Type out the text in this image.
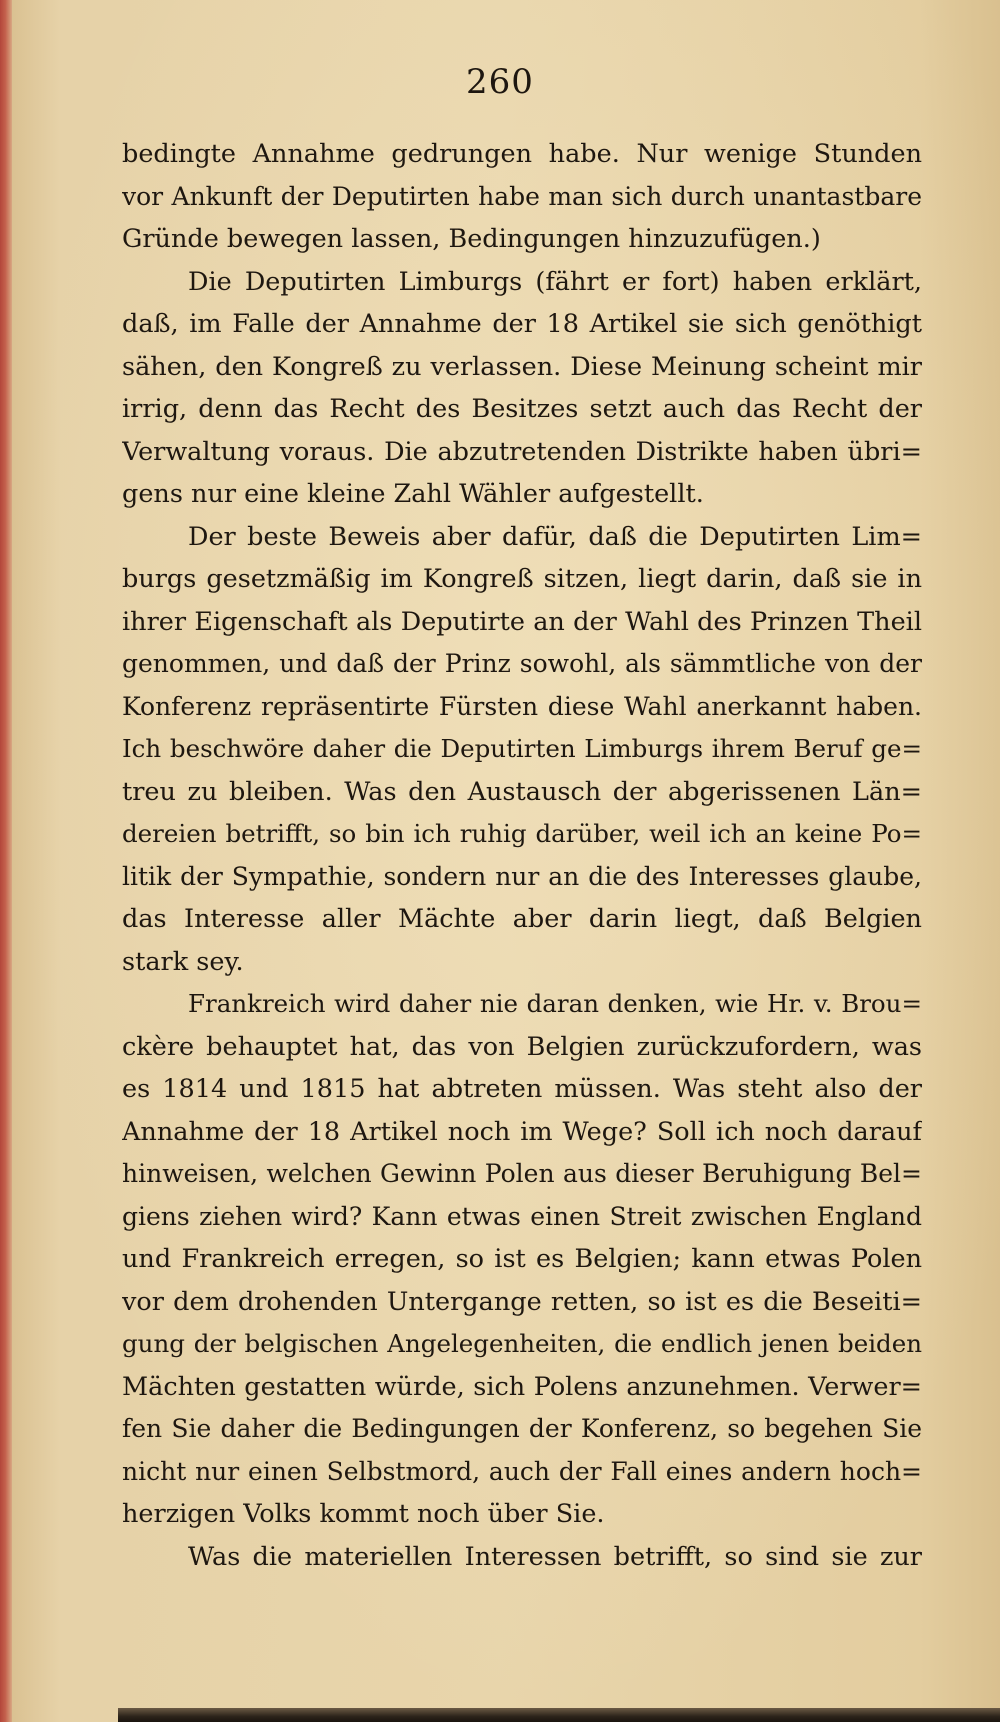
260
bedingte Annahme gedrungen habe. Nur wenige Stunden
vor Ankunft der Deputirten habe man sich durch unantastbare
Gründe bewegen lassen, Bedingungen hinzuzufügen.)
Die Deputirten Limburgs (fährt er fort) haben erklärt,
daß, im Falle der Annahme der 18 Artikel sie sich genöthigt
sähen, den Kongreß zu verlassen. Diese Meinung scheint mir
irrig, denn das Recht des Besitzes setzt auch das Recht der
Verwaltung voraus. Die abzutretenden Distrikte haben übri=
gens nur eine kleine Zahl Wähler aufgestellt.
Der beste Beweis aber dafür, daß die Deputirten Lim=
burgs gesetzmäßig im Kongreß sitzen, liegt darin, daß sie in
ihrer Eigenschaft als Deputirte an der Wahl des Prinzen Theil
genommen, und daß der Prinz sowohl, als sämmtliche von der
Konferenz repräsentirte Fürsten diese Wahl anerkannt haben.
Ich beschwöre daher die Deputirten Limburgs ihrem Beruf ge=
treu zu bleiben. Was den Austausch der abgerissenen Län=
dereien betrifft, so bin ich ruhig darüber, weil ich an keine Po=
litik der Sympathie, sondern nur an die des Interesses glaube,
das Interesse aller Mächte aber darin liegt, daß Belgien
stark sey.
Frankreich wird daher nie daran denken, wie Hr. v. Brou=
ckère behauptet hat, das von Belgien zurückzufordern, was
es 1814 und 1815 hat abtreten müssen. Was steht also der
Annahme der 18 Artikel noch im Wege? Soll ich noch darauf
hinweisen, welchen Gewinn Polen aus dieser Beruhigung Bel=
giens ziehen wird? Kann etwas einen Streit zwischen England
und Frankreich erregen, so ist es Belgien; kann etwas Polen
vor dem drohenden Untergange retten, so ist es die Beseiti=
gung der belgischen Angelegenheiten, die endlich jenen beiden
Mächten gestatten würde, sich Polens anzunehmen. Verwer=
fen Sie daher die Bedingungen der Konferenz, so begehen Sie
nicht nur einen Selbstmord, auch der Fall eines andern hoch=
herzigen Volks kommt noch über Sie.
Was die materiellen Interessen betrifft, so sind sie zur
